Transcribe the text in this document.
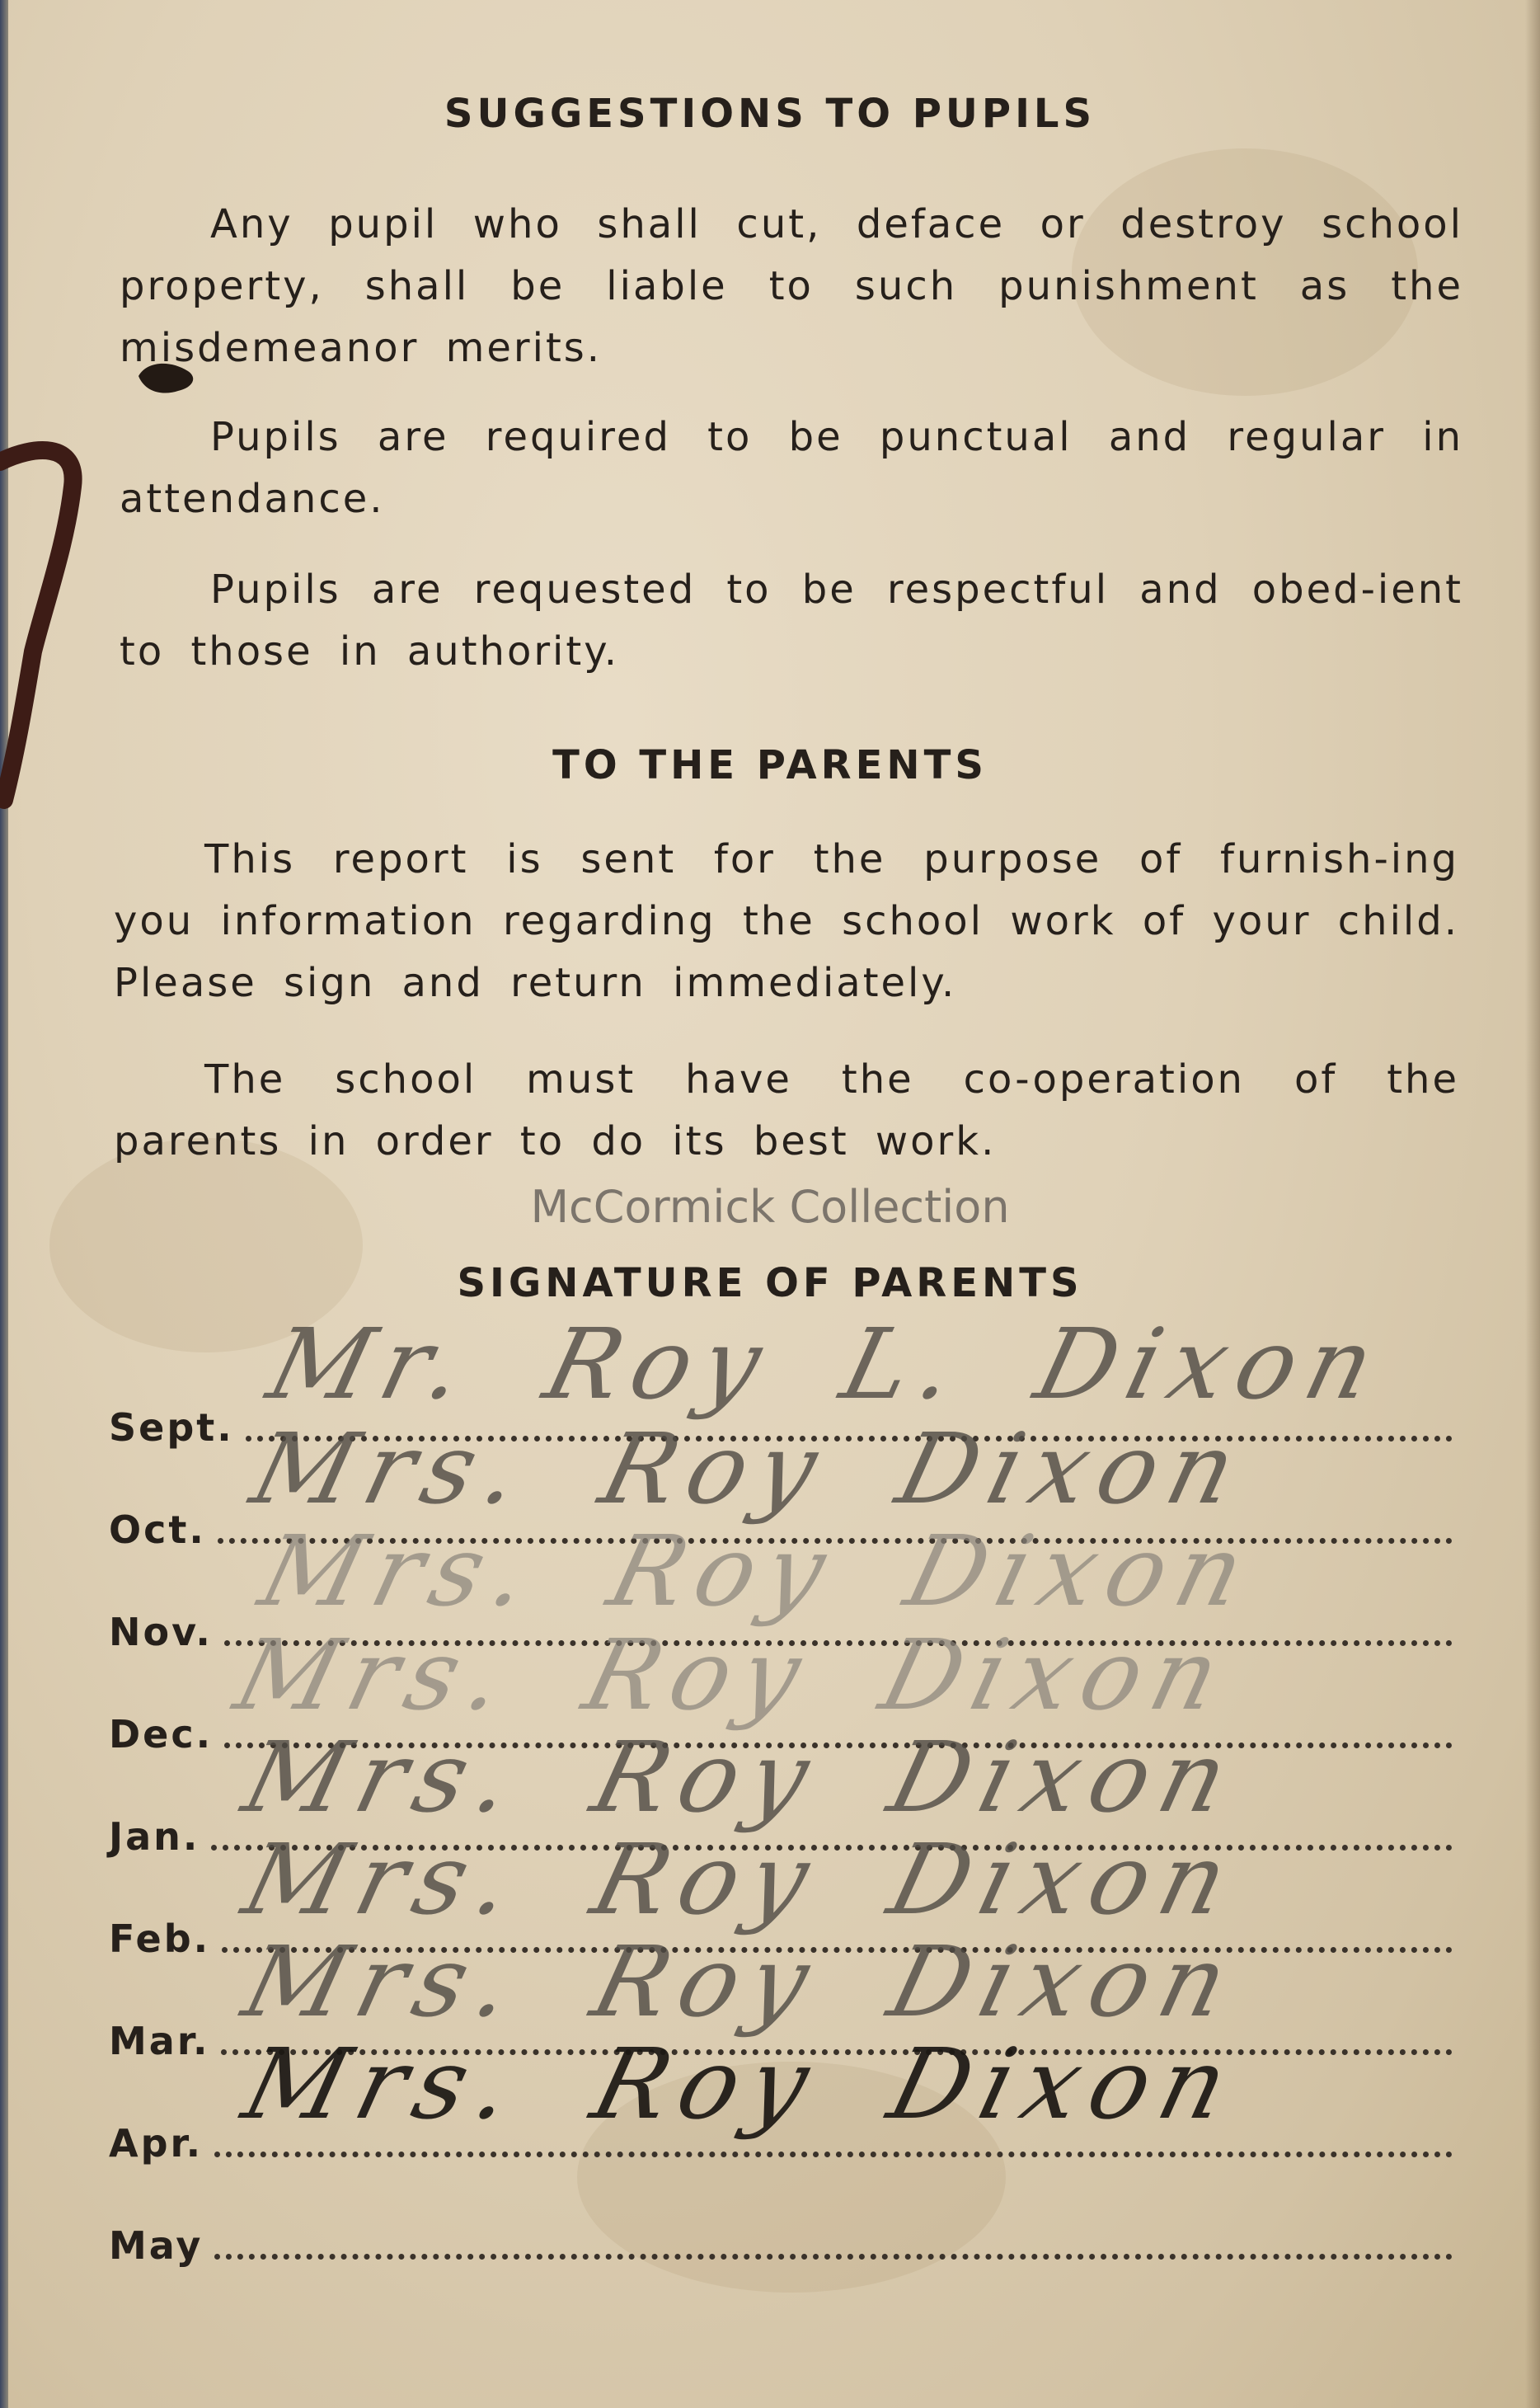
SUGGESTIONS TO PUPILS

Any pupil who shall cut, deface or destroy school property, shall be liable to such punishment as the misdemeanor merits.

Pupils are required to be punctual and regular in attendance.

Pupils are requested to be respectful and obed-ient to those in authority.

TO THE PARENTS

This report is sent for the purpose of furnish-ing you information regarding the school work of your child. Please sign and return immediately.

The school must have the co-operation of the parents in order to do its best work.

McCormick Collection

SIGNATURE OF PARENTS
Sept.
Oct.
Nov.
Dec.
Jan.
Feb.
Mar.
Apr.
May
Mr. Roy L. Dixon
Mrs. Roy Dixon
Mrs. Roy Dixon
Mrs. Roy Dixon
Mrs. Roy Dixon
Mrs. Roy Dixon
Mrs. Roy Dixon
Mrs. Roy Dixon
